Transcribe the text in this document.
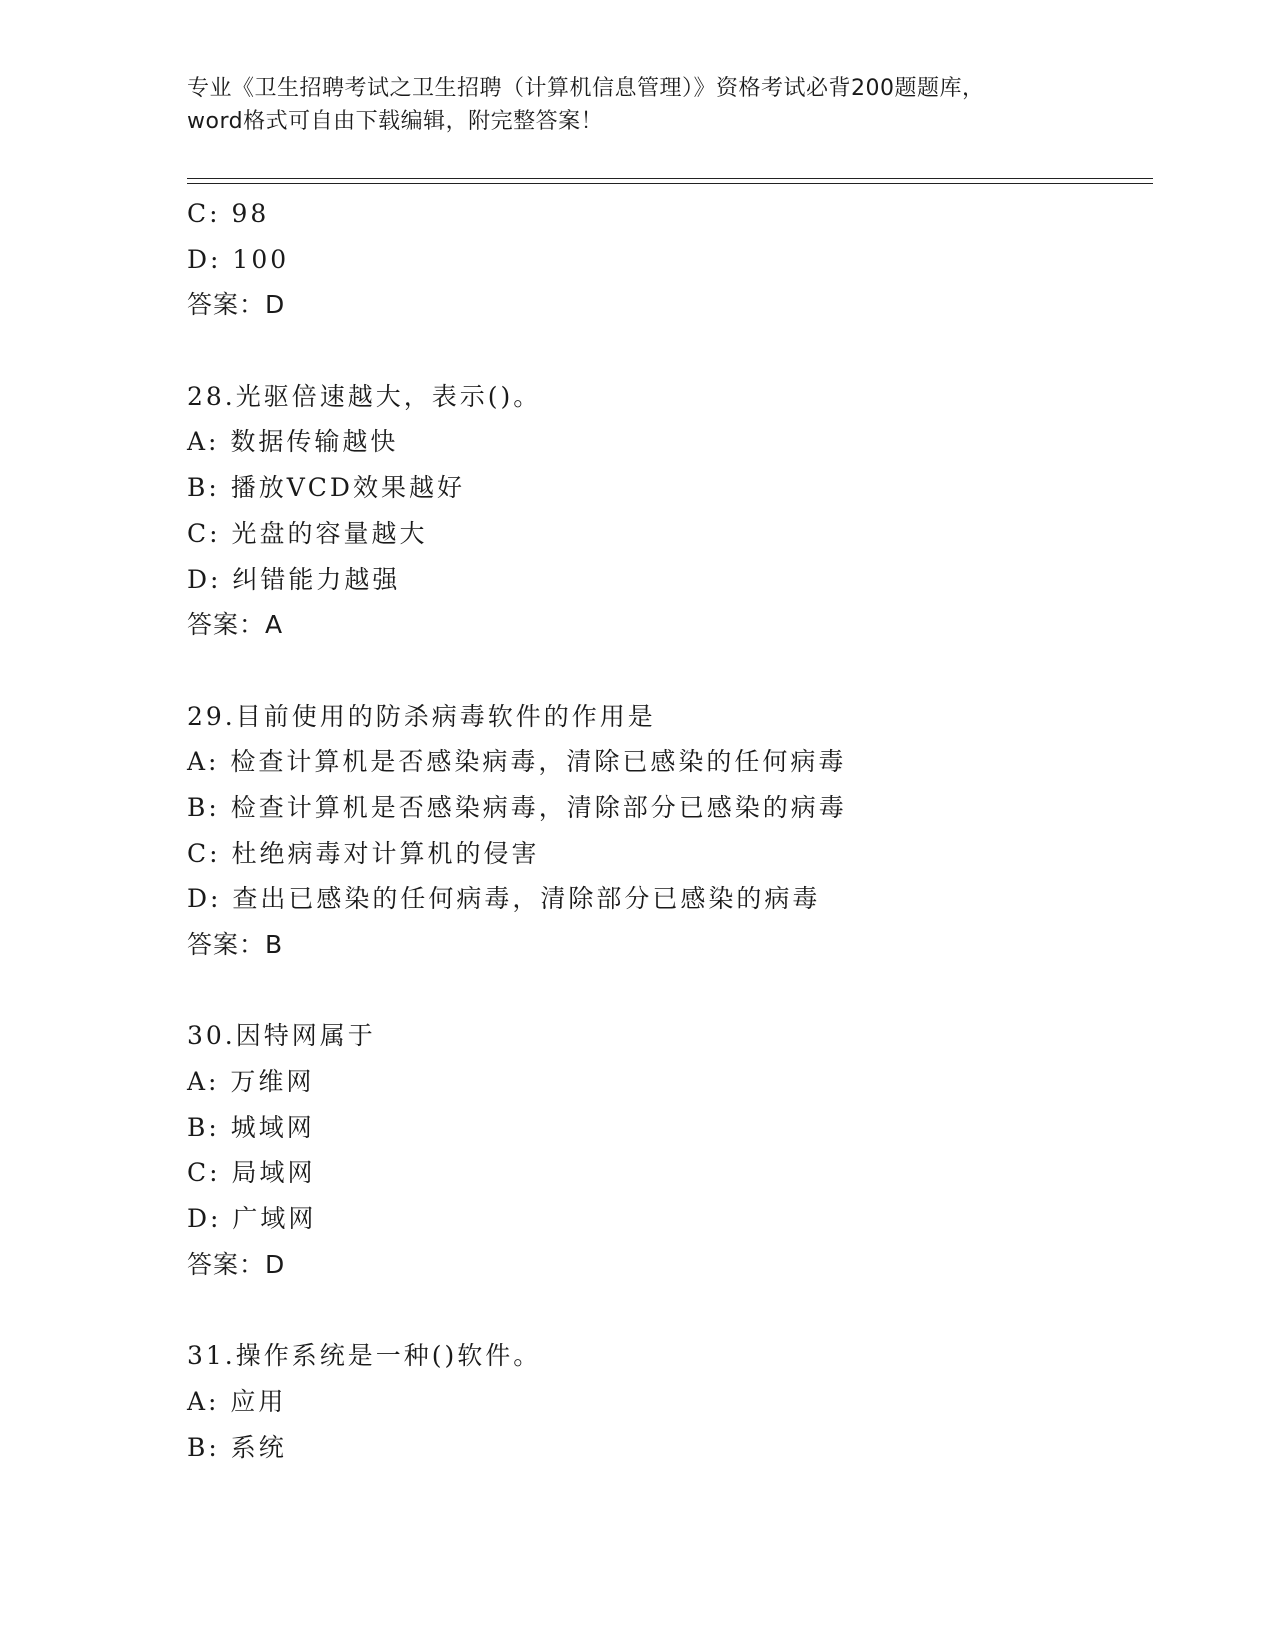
专业《卫生招聘考试之卫生招聘（计算机信息管理）》资格考试必背200题题库，
word格式可自由下载编辑，附完整答案！
C: 98
D: 100
答案：D
28.光驱倍速越大，表示()。
A: 数据传输越快
B: 播放VCD效果越好
C: 光盘的容量越大
D: 纠错能力越强
答案：A
29.目前使用的防杀病毒软件的作用是
A: 检查计算机是否感染病毒，清除已感染的任何病毒
B: 检查计算机是否感染病毒，清除部分已感染的病毒
C: 杜绝病毒对计算机的侵害
D: 查出已感染的任何病毒，清除部分已感染的病毒
答案：B
30.因特网属于
A: 万维网
B: 城域网
C: 局域网
D: 广域网
答案：D
31.操作系统是一种()软件。
A: 应用
B: 系统
